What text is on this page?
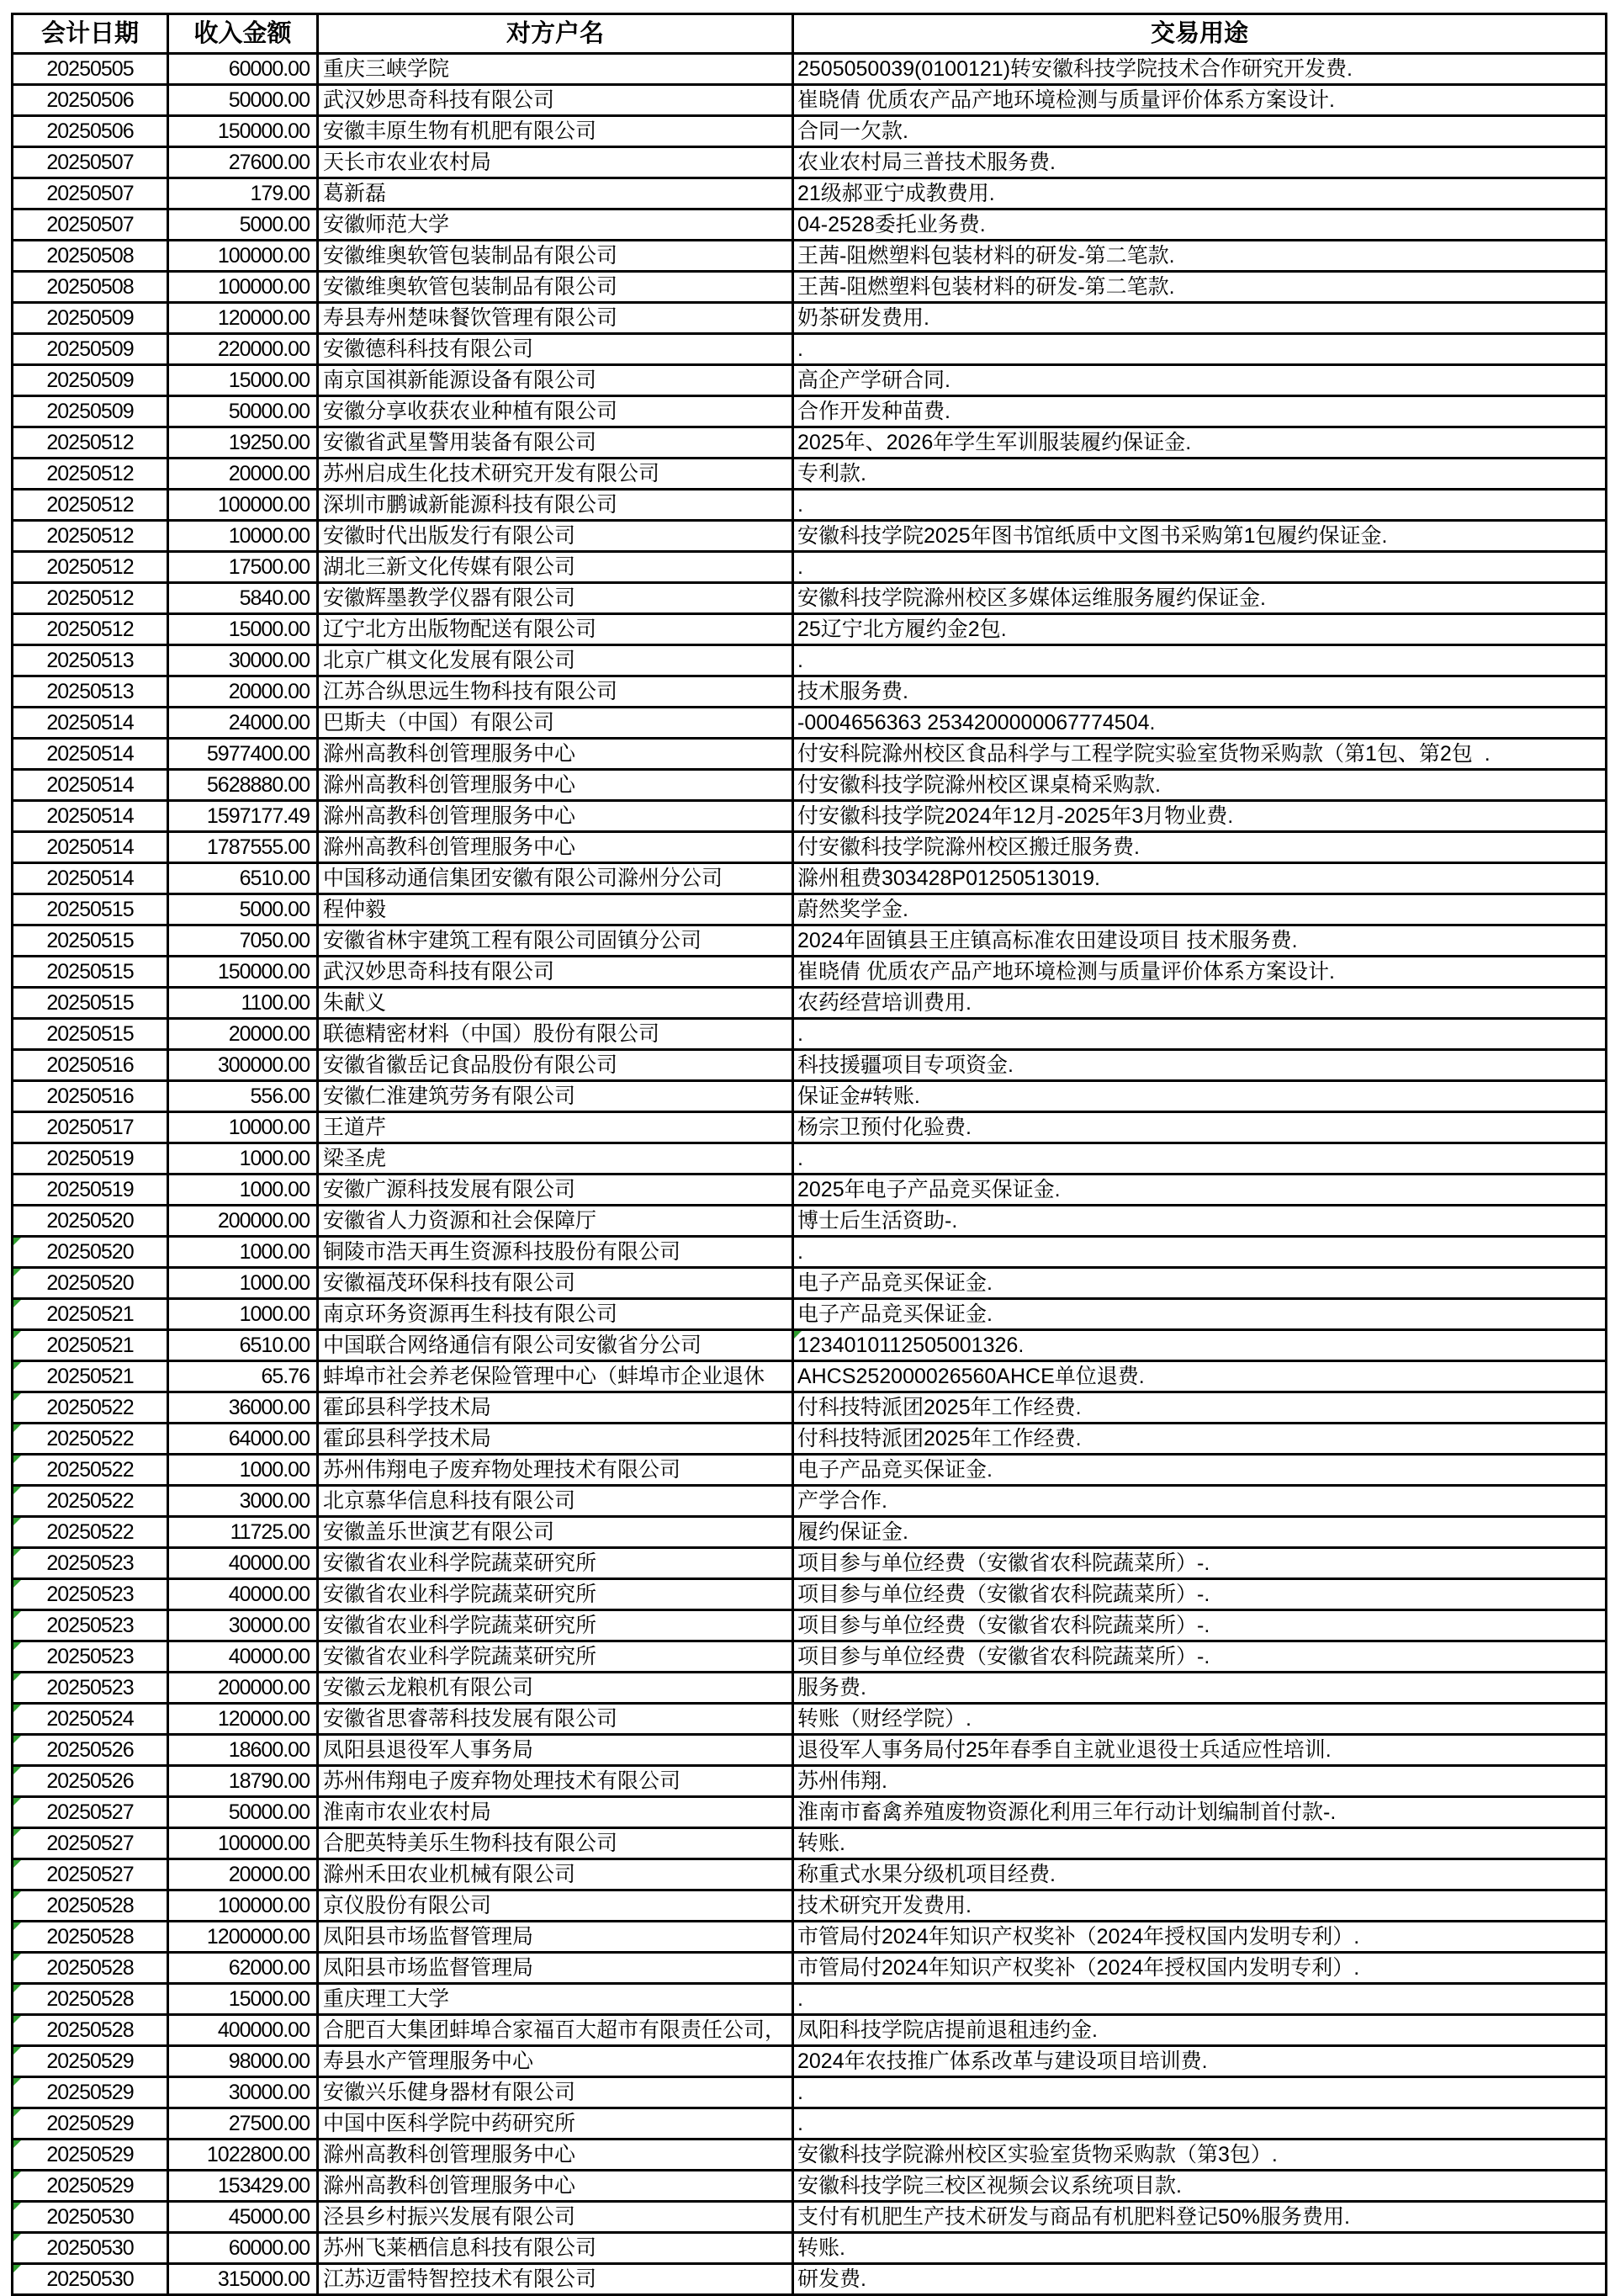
会计日期	收入金额	对方户名	交易用途
20250505	60000.00	重庆三峡学院	2505050039(0100121)转安徽科技学院技术合作研究开发费.
20250506	50000.00	武汉妙思奇科技有限公司	崔晓倩 优质农产品产地环境检测与质量评价体系方案设计.
20250506	150000.00	安徽丰原生物有机肥有限公司	合同一欠款.
20250507	27600.00	天长市农业农村局	农业农村局三普技术服务费.
20250507	179.00	葛新磊	21级郝亚宁成教费用.
20250507	5000.00	安徽师范大学	04-2528委托业务费.
20250508	100000.00	安徽维奥软管包装制品有限公司	王茜-阻燃塑料包装材料的研发-第二笔款.
20250508	100000.00	安徽维奥软管包装制品有限公司	王茜-阻燃塑料包装材料的研发-第二笔款.
20250509	120000.00	寿县寿州楚味餐饮管理有限公司	奶茶研发费用.
20250509	220000.00	安徽德科科技有限公司	.
20250509	15000.00	南京国祺新能源设备有限公司	高企产学研合同.
20250509	50000.00	安徽分享收获农业种植有限公司	合作开发种苗费.
20250512	19250.00	安徽省武星警用装备有限公司	2025年、2026年学生军训服装履约保证金.
20250512	20000.00	苏州启成生化技术研究开发有限公司	专利款.
20250512	100000.00	深圳市鹏诚新能源科技有限公司	.
20250512	10000.00	安徽时代出版发行有限公司	安徽科技学院2025年图书馆纸质中文图书采购第1包履约保证金.
20250512	17500.00	湖北三新文化传媒有限公司	.
20250512	5840.00	安徽辉墨教学仪器有限公司	安徽科技学院滁州校区多媒体运维服务履约保证金.
20250512	15000.00	辽宁北方出版物配送有限公司	25辽宁北方履约金2包.
20250513	30000.00	北京广棋文化发展有限公司	.
20250513	20000.00	江苏合纵思远生物科技有限公司	技术服务费.
20250514	24000.00	巴斯夫（中国）有限公司	-0004656363 2534200000067774504.
20250514	5977400.00	滁州高教科创管理服务中心	付安科院滁州校区食品科学与工程学院实验室货物采购款（第1包、第2包  .
20250514	5628880.00	滁州高教科创管理服务中心	付安徽科技学院滁州校区课桌椅采购款.
20250514	1597177.49	滁州高教科创管理服务中心	付安徽科技学院2024年12月-2025年3月物业费.
20250514	1787555.00	滁州高教科创管理服务中心	付安徽科技学院滁州校区搬迁服务费.
20250514	6510.00	中国移动通信集团安徽有限公司滁州分公司	滁州租费303428P01250513019.
20250515	5000.00	程仲毅	蔚然奖学金.
20250515	7050.00	安徽省林宇建筑工程有限公司固镇分公司	2024年固镇县王庄镇高标准农田建设项目 技术服务费.
20250515	150000.00	武汉妙思奇科技有限公司	崔晓倩 优质农产品产地环境检测与质量评价体系方案设计.
20250515	1100.00	朱献义	农药经营培训费用.
20250515	20000.00	联德精密材料（中国）股份有限公司	.
20250516	300000.00	安徽省徽岳记食品股份有限公司	科技援疆项目专项资金.
20250516	556.00	安徽仁淮建筑劳务有限公司	保证金#转账.
20250517	10000.00	王道芹	杨宗卫预付化验费.
20250519	1000.00	梁圣虎	.
20250519	1000.00	安徽广源科技发展有限公司	2025年电子产品竞买保证金.
20250520	200000.00	安徽省人力资源和社会保障厅	博士后生活资助-.
20250520	1000.00	铜陵市浩天再生资源科技股份有限公司	.
20250520	1000.00	安徽福茂环保科技有限公司	电子产品竞买保证金.
20250521	1000.00	南京环务资源再生科技有限公司	电子产品竞买保证金.
20250521	6510.00	中国联合网络通信有限公司安徽省分公司	1234010112505001326.
20250521	65.76	蚌埠市社会养老保险管理中心（蚌埠市企业退休	AHCS252000026560AHCE单位退费.
20250522	36000.00	霍邱县科学技术局	付科技特派团2025年工作经费.
20250522	64000.00	霍邱县科学技术局	付科技特派团2025年工作经费.
20250522	1000.00	苏州伟翔电子废弃物处理技术有限公司	电子产品竞买保证金.
20250522	3000.00	北京慕华信息科技有限公司	产学合作.
20250522	11725.00	安徽盖乐世演艺有限公司	履约保证金.
20250523	40000.00	安徽省农业科学院蔬菜研究所	项目参与单位经费（安徽省农科院蔬菜所）-.
20250523	40000.00	安徽省农业科学院蔬菜研究所	项目参与单位经费（安徽省农科院蔬菜所）-.
20250523	30000.00	安徽省农业科学院蔬菜研究所	项目参与单位经费（安徽省农科院蔬菜所）-.
20250523	40000.00	安徽省农业科学院蔬菜研究所	项目参与单位经费（安徽省农科院蔬菜所）-.
20250523	200000.00	安徽云龙粮机有限公司	服务费.
20250524	120000.00	安徽省思睿蒂科技发展有限公司	转账（财经学院）.
20250526	18600.00	凤阳县退役军人事务局	退役军人事务局付25年春季自主就业退役士兵适应性培训.
20250526	18790.00	苏州伟翔电子废弃物处理技术有限公司	苏州伟翔.
20250527	50000.00	淮南市农业农村局	淮南市畜禽养殖废物资源化利用三年行动计划编制首付款-.
20250527	100000.00	合肥英特美乐生物科技有限公司	转账.
20250527	20000.00	滁州禾田农业机械有限公司	称重式水果分级机项目经费.
20250528	100000.00	京仪股份有限公司	技术研究开发费用.
20250528	1200000.00	凤阳县市场监督管理局	市管局付2024年知识产权奖补（2024年授权国内发明专利）.
20250528	62000.00	凤阳县市场监督管理局	市管局付2024年知识产权奖补（2024年授权国内发明专利）.
20250528	15000.00	重庆理工大学	.
20250528	400000.00	合肥百大集团蚌埠合家福百大超市有限责任公司，	凤阳科技学院店提前退租违约金.
20250529	98000.00	寿县水产管理服务中心	2024年农技推广体系改革与建设项目培训费.
20250529	30000.00	安徽兴乐健身器材有限公司	.
20250529	27500.00	中国中医科学院中药研究所	.
20250529	1022800.00	滁州高教科创管理服务中心	安徽科技学院滁州校区实验室货物采购款（第3包）.
20250529	153429.00	滁州高教科创管理服务中心	安徽科技学院三校区视频会议系统项目款.
20250530	45000.00	泾县乡村振兴发展有限公司	支付有机肥生产技术研发与商品有机肥料登记50%服务费用.
20250530	60000.00	苏州飞莱栖信息科技有限公司	转账.
20250530	315000.00	江苏迈雷特智控技术有限公司	研发费.
